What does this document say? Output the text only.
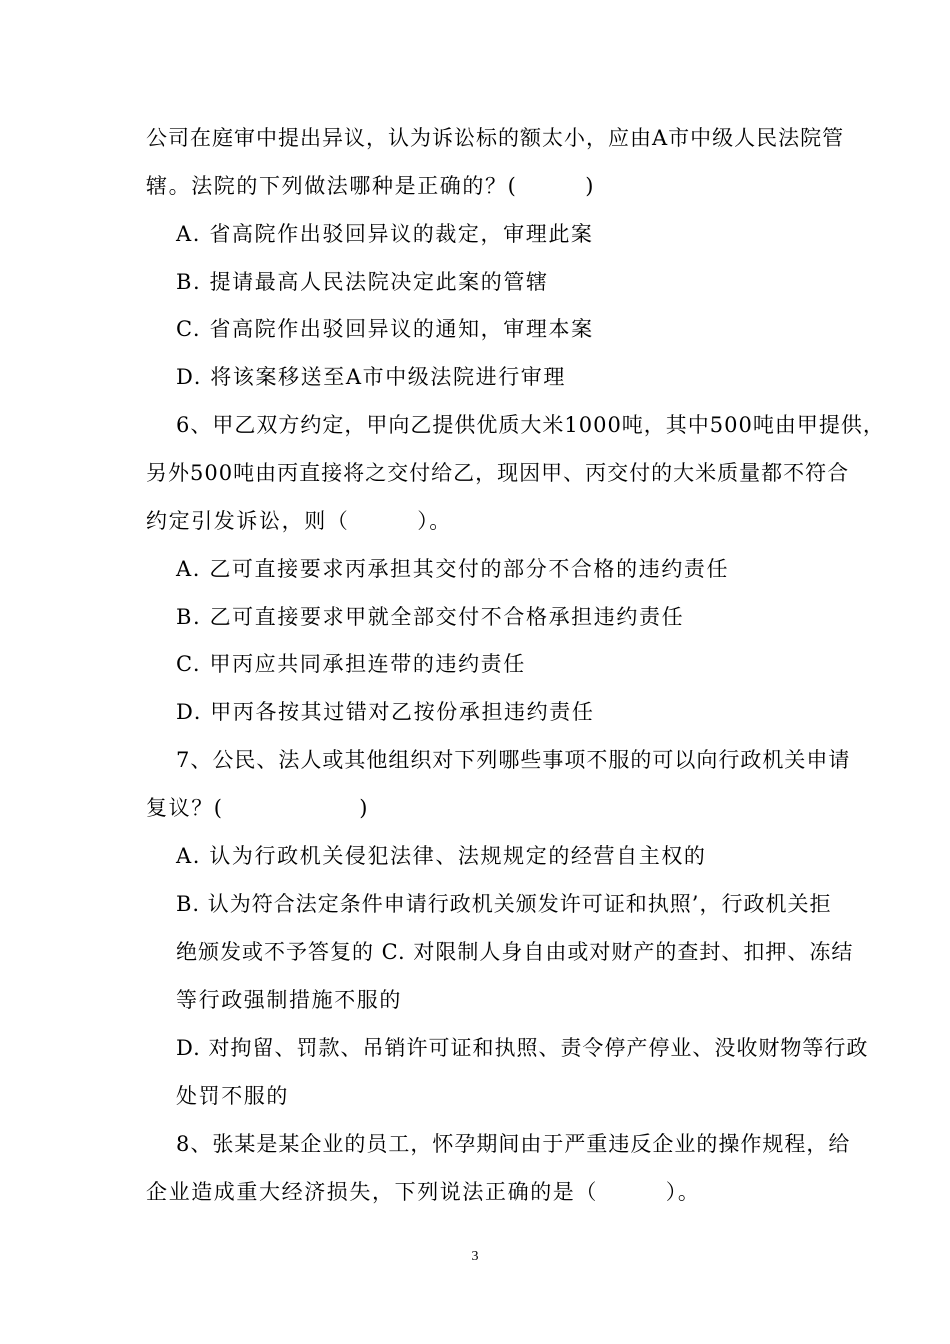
公司在庭审中提出异议，认为诉讼标的额太小，应由A市中级人民法院管
辖。法院的下列做法哪种是正确的？(　　　)
A. 省高院作出驳回异议的裁定，审理此案
B. 提请最高人民法院决定此案的管辖
C. 省高院作出驳回异议的通知，审理本案
D. 将该案移送至A市中级法院进行审理
6、甲乙双方约定，甲向乙提供优质大米1000吨，其中500吨由甲提供，
另外500吨由丙直接将之交付给乙，现因甲、丙交付的大米质量都不符合
约定引发诉讼，则（　　　）。
A. 乙可直接要求丙承担其交付的部分不合格的违约责任
B. 乙可直接要求甲就全部交付不合格承担违约责任
C. 甲丙应共同承担连带的违约责任
D. 甲丙各按其过错对乙按份承担违约责任
7、公民、法人或其他组织对下列哪些事项不服的可以向行政机关申请
复议？(　　　　　　)
A. 认为行政机关侵犯法律、法规规定的经营自主权的
B. 认为符合法定条件申请行政机关颁发许可证和执照’，行政机关拒
绝颁发或不予答复的 C. 对限制人身自由或对财产的查封、扣押、冻结
等行政强制措施不服的
D. 对拘留、罚款、吊销许可证和执照、责令停产停业、没收财物等行政
处罚不服的
8、张某是某企业的员工，怀孕期间由于严重违反企业的操作规程，给
企业造成重大经济损失，下列说法正确的是（　　　）。
3
